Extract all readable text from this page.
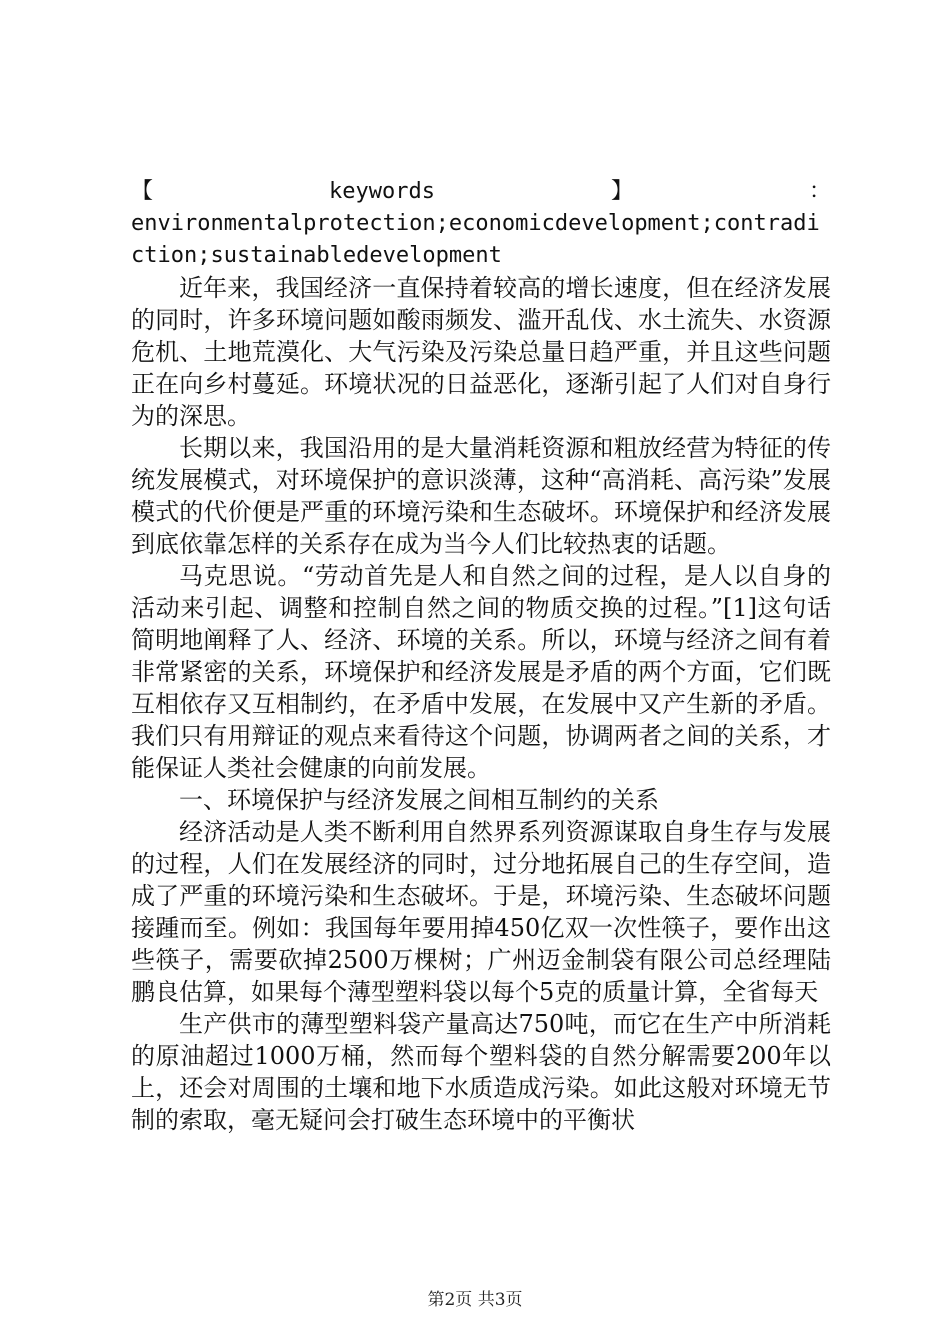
【	keywords	】	：
environmentalprotection;economicdevelopment;contradiction;sustainabledevelopment

近年来，我国经济一直保持着较高的增长速度，但在经济发展的同时，许多环境问题如酸雨频发、滥开乱伐、水土流失、水资源危机、土地荒漠化、大气污染及污染总量日趋严重，并且这些问题正在向乡村蔓延。环境状况的日益恶化，逐渐引起了人们对自身行为的深思。

长期以来，我国沿用的是大量消耗资源和粗放经营为特征的传统发展模式，对环境保护的意识淡薄，这种“高消耗、高污染”发展模式的代价便是严重的环境污染和生态破坏。环境保护和经济发展到底依靠怎样的关系存在成为当今人们比较热衷的话题。

马克思说。“劳动首先是人和自然之间的过程，是人以自身的活动来引起、调整和控制自然之间的物质交换的过程。”[1]这句话简明地阐释了人、经济、环境的关系。所以，环境与经济之间有着非常紧密的关系，环境保护和经济发展是矛盾的两个方面，它们既互相依存又互相制约，在矛盾中发展，在发展中又产生新的矛盾。我们只有用辩证的观点来看待这个问题，协调两者之间的关系，才能保证人类社会健康的向前发展。

一、环境保护与经济发展之间相互制约的关系

经济活动是人类不断利用自然界系列资源谋取自身生存与发展的过程，人们在发展经济的同时，过分地拓展自己的生存空间，造成了严重的环境污染和生态破坏。于是，环境污染、生态破坏问题接踵而至。例如：我国每年要用掉450亿双一次性筷子，要作出这些筷子，需要砍掉2500万棵树；广州迈金制袋有限公司总经理陆鹏良估算，如果每个薄型塑料袋以每个5克的质量计算，全省每天

生产供市的薄型塑料袋产量高达750吨，而它在生产中所消耗的原油超过1000万桶，然而每个塑料袋的自然分解需要200年以上，还会对周围的土壤和地下水质造成污染。如此这般对环境无节制的索取，毫无疑问会打破生态环境中的平衡状

第2页 共3页
